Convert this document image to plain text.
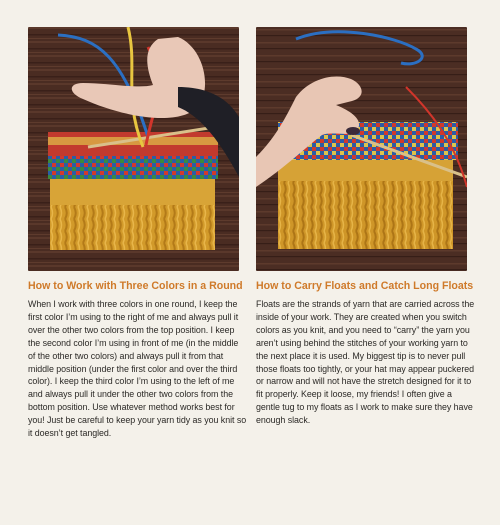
How to Work with Three Colors in a Round

When I work with three colors in one round, I keep the first color I’m using to the right of me and always pull it over the other two colors from the top position. I keep the second color I’m using in front of me (in the middle of the other two colors) and always pull it from that middle position (under the first color and over the third color). I keep the third color I’m using to the left of me and always pull it under the other two colors from the bottom position. Use whatever method works best for you! Just be careful to keep your yarn tidy as you knit so it doesn’t get tangled.

How to Carry Floats and Catch Long Floats

Floats are the strands of yarn that are carried across the inside of your work. They are created when you switch colors as you knit, and you need to “carry” the yarn you aren’t using behind the stitches of your working yarn to the next place it is used. My biggest tip is to never pull those floats too tightly, or your hat may appear puckered or narrow and will not have the stretch designed for it to fit properly. Keep it loose, my friends! I often give a gentle tug to my floats as I work to make sure they have enough slack.
